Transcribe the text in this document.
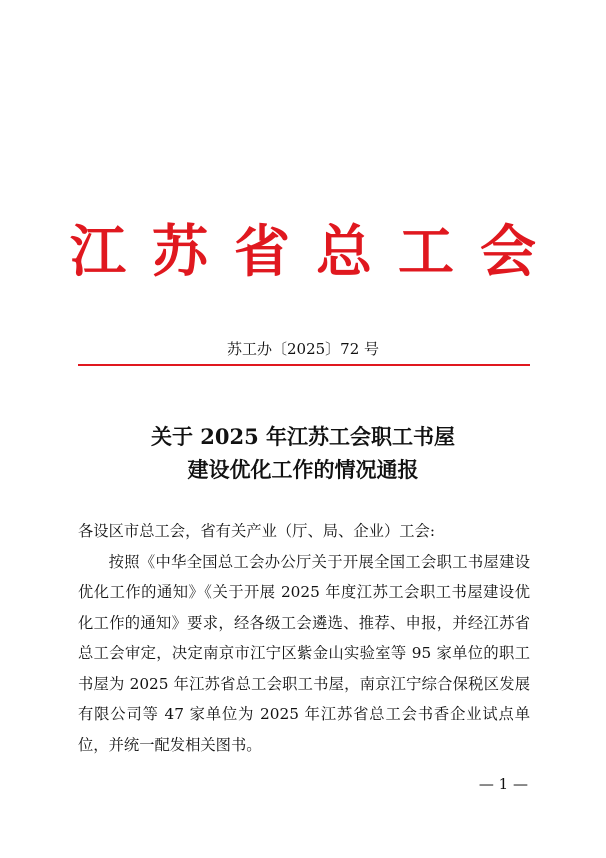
江苏省总工会
苏工办〔2025〕72 号
关于 2025 年江苏工会职工书屋
建设优化工作的情况通报
各设区市总工会，省有关产业（厅、局、企业）工会:
按照《中华全国总工会办公厅关于开展全国工会职工书屋建设优化工作的通知》《关于开展 2025 年度江苏工会职工书屋建设优化工作的通知》要求，经各级工会遴选、推荐、申报，并经江苏省总工会审定，决定南京市江宁区紫金山实验室等 95 家单位的职工书屋为 2025 年江苏省总工会职工书屋，南京江宁综合保税区发展有限公司等 47 家单位为 2025 年江苏省总工会书香企业试点单位，并统一配发相关图书。
— 1 —
